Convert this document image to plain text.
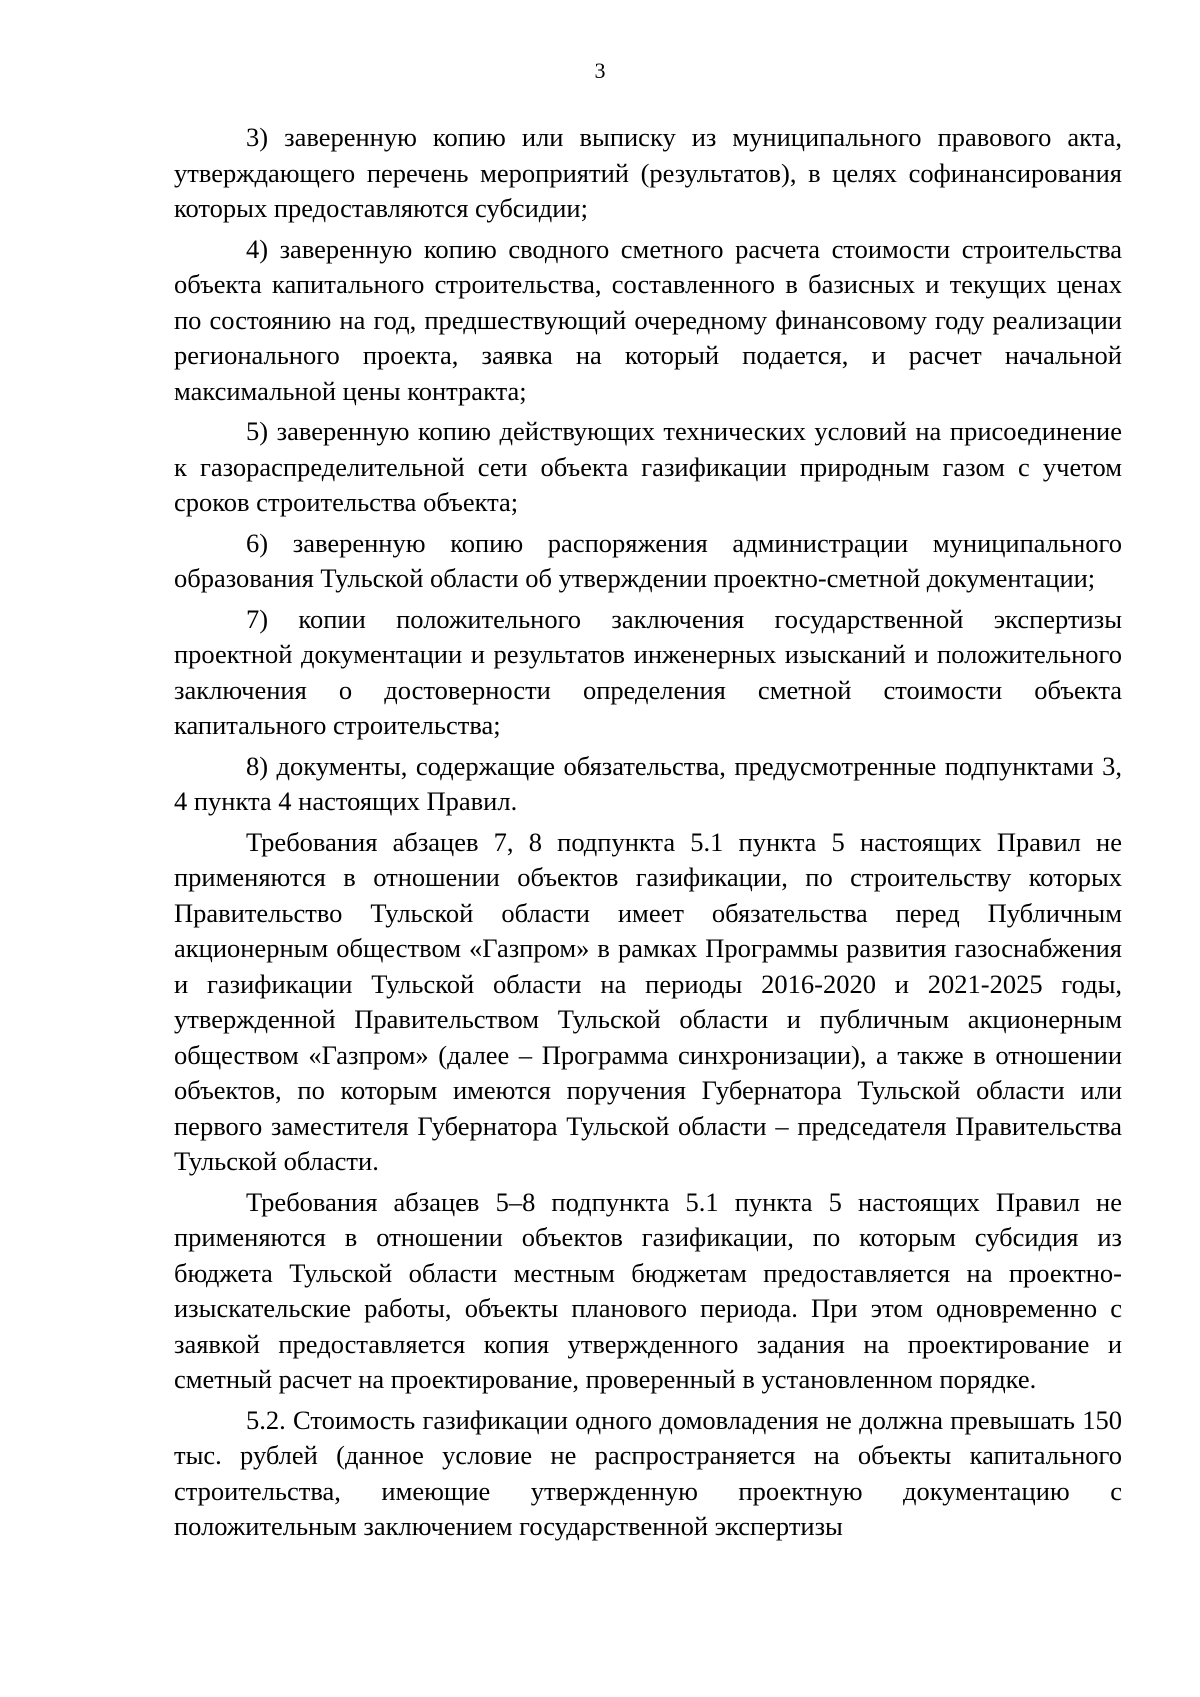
3

3) заверенную копию или выписку из муниципального правового акта, утверждающего перечень мероприятий (результатов), в целях софинансирования которых предоставляются субсидии;

4) заверенную копию сводного сметного расчета стоимости строительства объекта капитального строительства, составленного в базисных и текущих ценах по состоянию на год, предшествующий очередному финансовому году реализации регионального проекта, заявка на который подается, и расчет начальной максимальной цены контракта;

5) заверенную копию действующих технических условий на присоединение к газораспределительной сети объекта газификации природным газом с учетом сроков строительства объекта;

6) заверенную копию распоряжения администрации муниципального образования Тульской области об утверждении проектно-сметной документации;

7) копии положительного заключения государственной экспертизы проектной документации и результатов инженерных изысканий и положительного заключения о достоверности определения сметной стоимости объекта капитального строительства;

8) документы, содержащие обязательства, предусмотренные подпунктами 3, 4 пункта 4 настоящих Правил.

Требования абзацев 7, 8 подпункта 5.1 пункта 5 настоящих Правил не применяются в отношении объектов газификации, по строительству которых Правительство Тульской области имеет обязательства перед Публичным акционерным обществом «Газпром» в рамках Программы развития газоснабжения и газификации Тульской области на периоды 2016-2020 и 2021-2025 годы, утвержденной Правительством Тульской области и публичным акционерным обществом «Газпром» (далее – Программа синхронизации), а также в отношении объектов, по которым имеются поручения Губернатора Тульской области или первого заместителя Губернатора Тульской области – председателя Правительства Тульской области.

Требования абзацев 5–8 подпункта 5.1 пункта 5 настоящих Правил не применяются в отношении объектов газификации, по которым субсидия из бюджета Тульской области местным бюджетам предоставляется на проектно-изыскательские работы, объекты планового периода. При этом одновременно с заявкой предоставляется копия утвержденного задания на проектирование и сметный расчет на проектирование, проверенный в установленном порядке.

5.2. Стоимость газификации одного домовладения не должна превышать 150 тыс. рублей (данное условие не распространяется на объекты капитального строительства, имеющие утвержденную проектную документацию с положительным заключением государственной экспертизы
